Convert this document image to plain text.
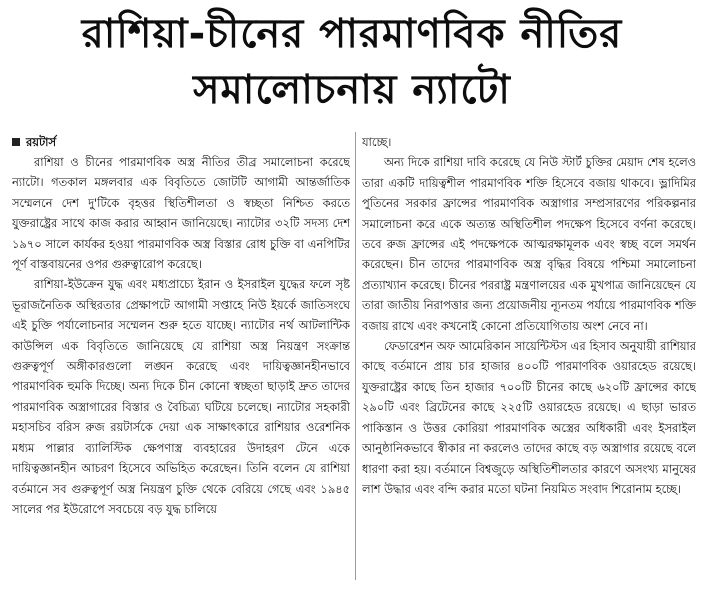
রাশিয়া-চীনের পারমাণবিক নীতির
সমালোচনায় ন্যাটো
রয়টার্স

রাশিয়া ও চীনের পারমাণবিক অস্ত্র নীতির তীব্র সমালোচনা করেছে ন্যাটো। গতকাল মঙ্গলবার এক বিবৃতিতে জোটটি আগামী আন্তর্জাতিক সম্মেলনে দেশ দু'টিকে বৃহত্তর স্থিতিশীলতা ও স্বচ্ছতা নিশ্চিত করতে যুক্তরাষ্ট্রের সাথে কাজ করার আহ্বান জানিয়েছে। ন্যাটোর ৩২টি সদস্য দেশ ১৯৭০ সালে কার্যকর হওয়া পারমাণবিক অস্ত্র বিস্তার রোধ চুক্তি বা এনপিটির পূর্ণ বাস্তবায়নের ওপর গুরুত্বারোপ করেছে।

রাশিয়া-ইউক্রেন যুদ্ধ এবং মধ্যপ্রাচ্যে ইরান ও ইসরাইল যুদ্ধের ফলে সৃষ্ট ভূরাজনৈতিক অস্থিরতার প্রেক্ষাপটে আগামী সপ্তাহে নিউ ইয়র্কে জাতিসংঘে এই চুক্তি পর্যালোচনার সম্মেলন শুরু হতে যাচ্ছে। ন্যাটোর নর্থ আটলান্টিক কাউন্সিল এক বিবৃতিতে জানিয়েছে যে রাশিয়া অস্ত্র নিয়ন্ত্রণ সংক্রান্ত গুরুত্বপূর্ণ অঙ্গীকারগুলো লঙ্ঘন করেছে এবং দায়িত্বজ্ঞানহীনভাবে পারমাণবিক হুমকি দিচ্ছে। অন্য দিকে চীন কোনো স্বচ্ছতা ছাড়াই দ্রুত তাদের পারমাণবিক অস্ত্রাগারের বিস্তার ও বৈচিত্র্য ঘটিয়ে চলেছে। ন্যাটোর সহকারী মহাসচিব বরিস রুজ রয়টার্সকে দেয়া এক সাক্ষাৎকারে রাশিয়ার ওরেশনিক মধ্যম পাল্লার ব্যালিস্টিক ক্ষেপণাস্ত্র ব্যবহারের উদাহরণ টেনে একে দায়িত্বজ্ঞানহীন আচরণ হিসেবে অভিহিত করেছেন। তিনি বলেন যে রাশিয়া বর্তমানে সব গুরুত্বপূর্ণ অস্ত্র নিয়ন্ত্রণ চুক্তি থেকে বেরিয়ে গেছে এবং ১৯৪৫ সালের পর ইউরোপে সবচেয়ে বড় যুদ্ধ চালিয়ে

যাচ্ছে।

অন্য দিকে রাশিয়া দাবি করেছে যে নিউ স্টার্ট চুক্তির মেয়াদ শেষ হলেও তারা একটি দায়িত্বশীল পারমাণবিক শক্তি হিসেবে বজায় থাকবে। ভ্লাদিমির পুতিনের সরকার ফ্রান্সের পারমাণবিক অস্ত্রাগার সম্প্রসারণের পরিকল্পনার সমালোচনা করে একে অত্যন্ত অস্থিতিশীল পদক্ষেপ হিসেবে বর্ণনা করেছে। তবে রুজ ফ্রান্সের এই পদক্ষেপকে আত্মরক্ষামূলক এবং স্বচ্ছ বলে সমর্থন করেছেন। চীন তাদের পারমাণবিক অস্ত্র বৃদ্ধির বিষয়ে পশ্চিমা সমালোচনা প্রত্যাখ্যান করেছে। চীনের পররাষ্ট্র মন্ত্রণালয়ের এক মুখপাত্র জানিয়েছেন যে তারা জাতীয় নিরাপত্তার জন্য প্রয়োজনীয় ন্যূনতম পর্যায়ে পারমাণবিক শক্তি বজায় রাখে এবং কখনোই কোনো প্রতিযোগিতায় অংশ নেবে না।

ফেডারেশন অফ আমেরিকান সায়েন্টিস্টস এর হিসাব অনুযায়ী রাশিয়ার কাছে বর্তমানে প্রায় চার হাজার ৪০০টি পারমাণবিক ওয়ারহেড রয়েছে। যুক্তরাষ্ট্রের কাছে তিন হাজার ৭০০টি চীনের কাছে ৬২০টি ফ্রান্সের কাছে ২৯০টি এবং ব্রিটেনের কাছে ২২৫টি ওয়ারহেড রয়েছে। এ ছাড়া ভারত পাকিস্তান ও উত্তর কোরিয়া পারমাণবিক অস্ত্রের অধিকারী এবং ইসরাইল আনুষ্ঠানিকভাবে স্বীকার না করলেও তাদের কাছে বড় অস্ত্রাগার রয়েছে বলে ধারণা করা হয়। বর্তমানে বিশ্বজুড়ে অস্থিতিশীলতার কারণে অসংখ্য মানুষের লাশ উদ্ধার এবং বন্দি করার মতো ঘটনা নিয়মিত সংবাদ শিরোনাম হচ্ছে।
